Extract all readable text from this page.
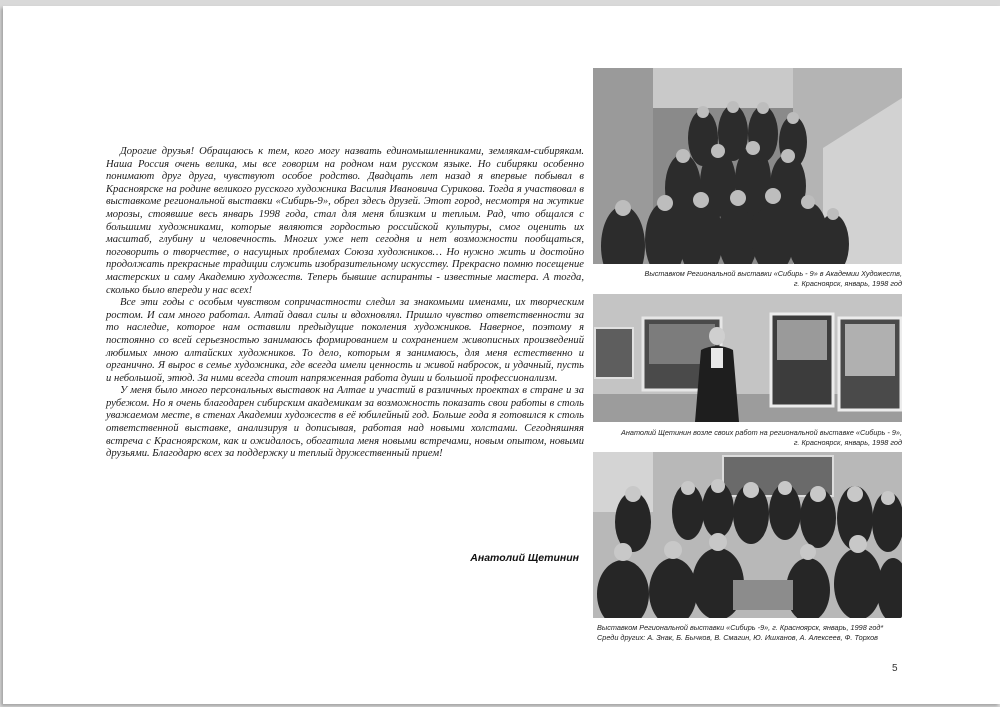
Дорогие друзья! Обращаюсь к тем, кого могу назвать единомышленниками, землякам-сибирякам. Наша Россия очень велика, мы все говорим на родном нам русском языке. Но сибиряки особенно понимают друг друга, чувствуют особое родство. Двадцать лет назад я впервые побывал в Красноярске на родине великого русского художника Василия Ивановича Сурикова. Тогда я участвовал в выставкоме региональной выставки «Сибирь-9», обрел здесь друзей. Этот город, несмотря на жуткие морозы, стоявшие весь январь 1998 года, стал для меня близким и теплым. Рад, что общался с большими художниками, которые являются гордостью российской культуры, смог оценить их масштаб, глубину и человечность. Многих уже нет сегодня и нет возможности пообщаться, поговорить о творчестве, о насущных проблемах Союза художников… Но нужно жить и достойно продолжать прекрасные традиции служить изобразительному искусству. Прекрасно помню посещение мастерских и саму Академию художеств. Теперь бывшие аспиранты - известные мастера. А тогда, сколько было впереди у нас всех!

Все эти годы с особым чувством сопричастности следил за знакомыми именами, их творческим ростом. И сам много работал. Алтай давал силы и вдохновлял. Пришло чувство ответственности за то наследие, которое нам оставили предыдущие поколения художников. Наверное, поэтому я постоянно со всей серьезностью занимаюсь формированием и сохранением живописных произведений любимых мною алтайских художников. То дело, которым я занимаюсь, для меня естественно и органично. Я вырос в семье художника, где всегда имели ценность и живой набросок, и удачный, пусть и небольшой, этюд. За ними всегда стоит напряженная работа души и большой профессионализм.

У меня было много персональных выставок на Алтае и участий в различных проектах в стране и за рубежом. Но я очень благодарен сибирским академикам за возможность показать свои работы в столь уважаемом месте, в стенах Академии художеств в её юбилейный год. Больше года я готовился к столь ответственной выставке, анализируя и дописывая, работая над новыми холстами. Сегодняшняя встреча с Красноярском, как и ожидалось, обогатила меня новыми встречами, новым опытом, новыми друзьями. Благодарю всех за поддержку и теплый дружественный прием!

Анатолий Щетинин
Выставком Региональной выставки «Сибирь - 9» в Академии Художеств,
г. Красноярск, январь, 1998 год
Анатолий Щетинин возле своих работ на региональной выставке «Сибирь - 9»,
г. Красноярск, январь, 1998 год
Выставком Региональной выставки «Сибирь -9», г. Красноярск, январь, 1998 год*
Среди других: А. Знак, Б. Бычков, В. Смагин, Ю. Ишханов, А. Алексеев, Ф. Торхов
5
